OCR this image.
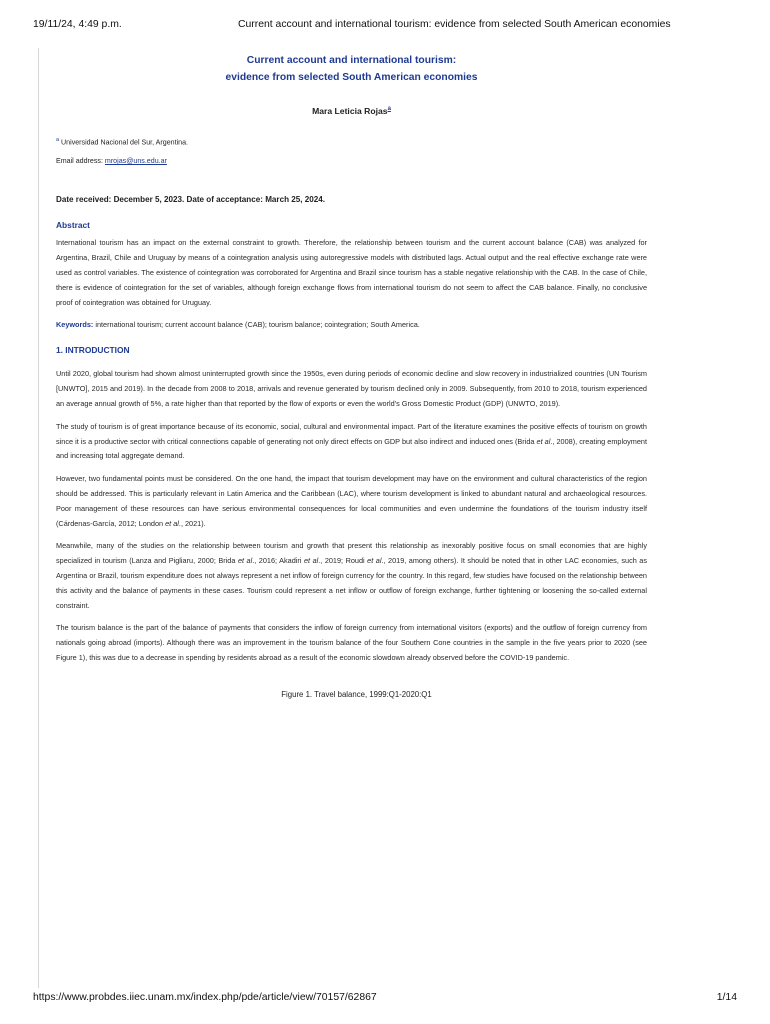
19/11/24, 4:49 p.m.	Current account and international tourism: evidence from selected South American economies
Current account and international tourism:
evidence from selected South American economies
Mara Leticia Rojas$^a$
$^a$ Universidad Nacional del Sur, Argentina.
Email address: mrojas@uns.edu.ar
Date received: December 5, 2023. Date of acceptance: March 25, 2024.
Abstract

International tourism has an impact on the external constraint to growth. Therefore, the relationship between tourism and the current account balance (CAB) was analyzed for Argentina, Brazil, Chile and Uruguay by means of a cointegration analysis using autoregressive models with distributed lags. Actual output and the real effective exchange rate were used as control variables. The existence of cointegration was corroborated for Argentina and Brazil since tourism has a stable negative relationship with the CAB. In the case of Chile, there is evidence of cointegration for the set of variables, although foreign exchange flows from international tourism do not seem to affect the CAB balance. Finally, no conclusive proof of cointegration was obtained for Uruguay.

Keywords: international tourism; current account balance (CAB); tourism balance; cointegration; South America.
1. INTRODUCTION

Until 2020, global tourism had shown almost uninterrupted growth since the 1950s, even during periods of economic decline and slow recovery in industrialized countries (UN Tourism [UNWTO], 2015 and 2019). In the decade from 2008 to 2018, arrivals and revenue generated by tourism declined only in 2009. Subsequently, from 2010 to 2018, tourism experienced an average annual growth of 5%, a rate higher than that reported by the flow of exports or even the world's Gross Domestic Product (GDP) (UNWTO, 2019).

The study of tourism is of great importance because of its economic, social, cultural and environmental impact. Part of the literature examines the positive effects of tourism on growth since it is a productive sector with critical connections capable of generating not only direct effects on GDP but also indirect and induced ones (Brida et al., 2008), creating employment and increasing total aggregate demand.

However, two fundamental points must be considered. On the one hand, the impact that tourism development may have on the environment and cultural characteristics of the region should be addressed. This is particularly relevant in Latin America and the Caribbean (LAC), where tourism development is linked to abundant natural and archaeological resources. Poor management of these resources can have serious environmental consequences for local communities and even undermine the foundations of the tourism industry itself (Cárdenas-García, 2012; London et al., 2021).

Meanwhile, many of the studies on the relationship between tourism and growth that present this relationship as inexorably positive focus on small economies that are highly specialized in tourism (Lanza and Pigliaru, 2000; Brida et al., 2016; Akadiri et al., 2019; Roudi et al., 2019, among others). It should be noted that in other LAC economies, such as Argentina or Brazil, tourism expenditure does not always represent a net inflow of foreign currency for the country. In this regard, few studies have focused on the relationship between this activity and the balance of payments in these cases. Tourism could represent a net inflow or outflow of foreign exchange, further tightening or loosening the so-called external constraint.

The tourism balance is the part of the balance of payments that considers the inflow of foreign currency from international visitors (exports) and the outflow of foreign currency from nationals going abroad (imports). Although there was an improvement in the tourism balance of the four Southern Cone countries in the sample in the five years prior to 2020 (see Figure 1), this was due to a decrease in spending by residents abroad as a result of the economic slowdown already observed before the COVID-19 pandemic.

Figure 1. Travel balance, 1999:Q1-2020:Q1
https://www.probdes.iiec.unam.mx/index.php/pde/article/view/70157/62867	1/14
